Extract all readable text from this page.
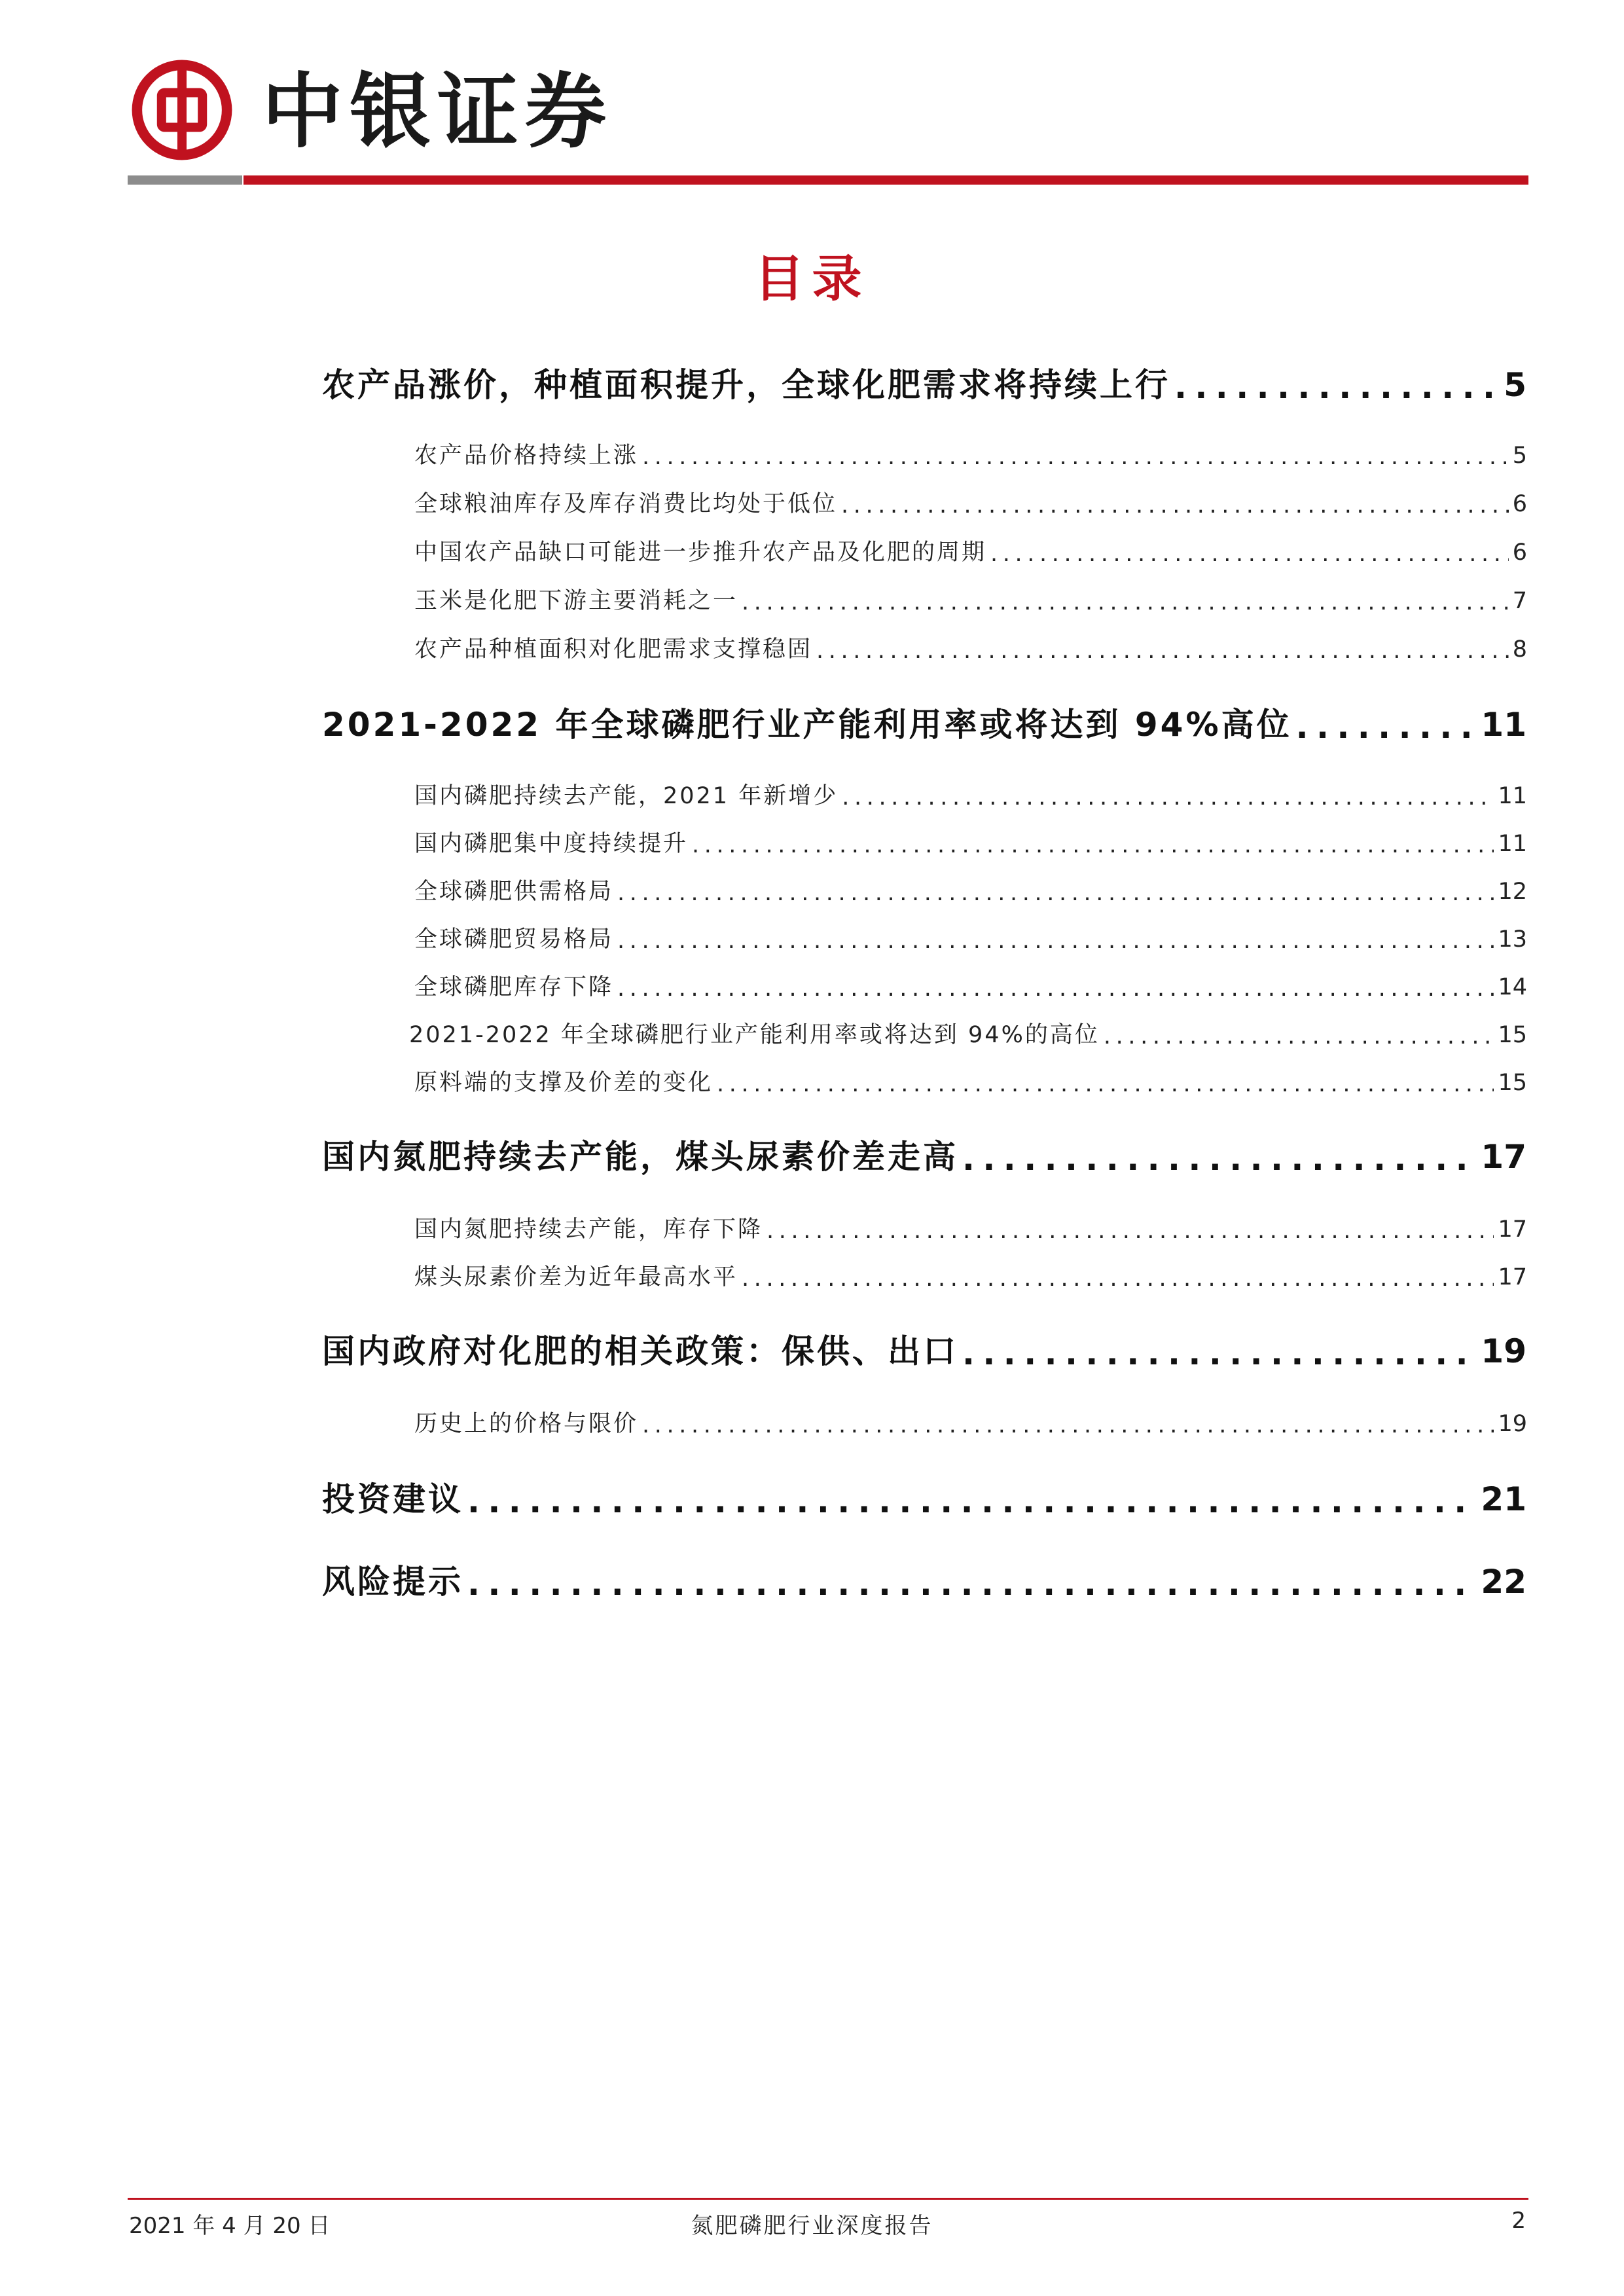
中银证券
目录
农产品涨价，种植面积提升，全球化肥需求将持续上行 . . .	5
农产品价格持续上涨 . . .	5
全球粮油库存及库存消费比均处于低位 . . .	6
中国农产品缺口可能进一步推升农产品及化肥的周期 . . .	6
玉米是化肥下游主要消耗之一 . . .	7
农产品种植面积对化肥需求支撑稳固 . . .	8
2021-2022 年全球磷肥行业产能利用率或将达到 94%高位 . . .	11
国内磷肥持续去产能，2021 年新增少 . . .	11
国内磷肥集中度持续提升 . . .	11
全球磷肥供需格局 . . .	12
全球磷肥贸易格局 . . .	13
全球磷肥库存下降 . . .	14
2021-2022 年全球磷肥行业产能利用率或将达到 94%的高位 . . .	15
原料端的支撑及价差的变化 . . .	15
国内氮肥持续去产能，煤头尿素价差走高 . . .	17
国内氮肥持续去产能，库存下降 . . .	17
煤头尿素价差为近年最高水平 . . .	17
国内政府对化肥的相关政策：保供、出口 . . .	19
历史上的价格与限价 . . .	19
投资建议 . . .	21
风险提示 . . .	22
2021 年 4 月 20 日	氮肥磷肥行业深度报告	2
